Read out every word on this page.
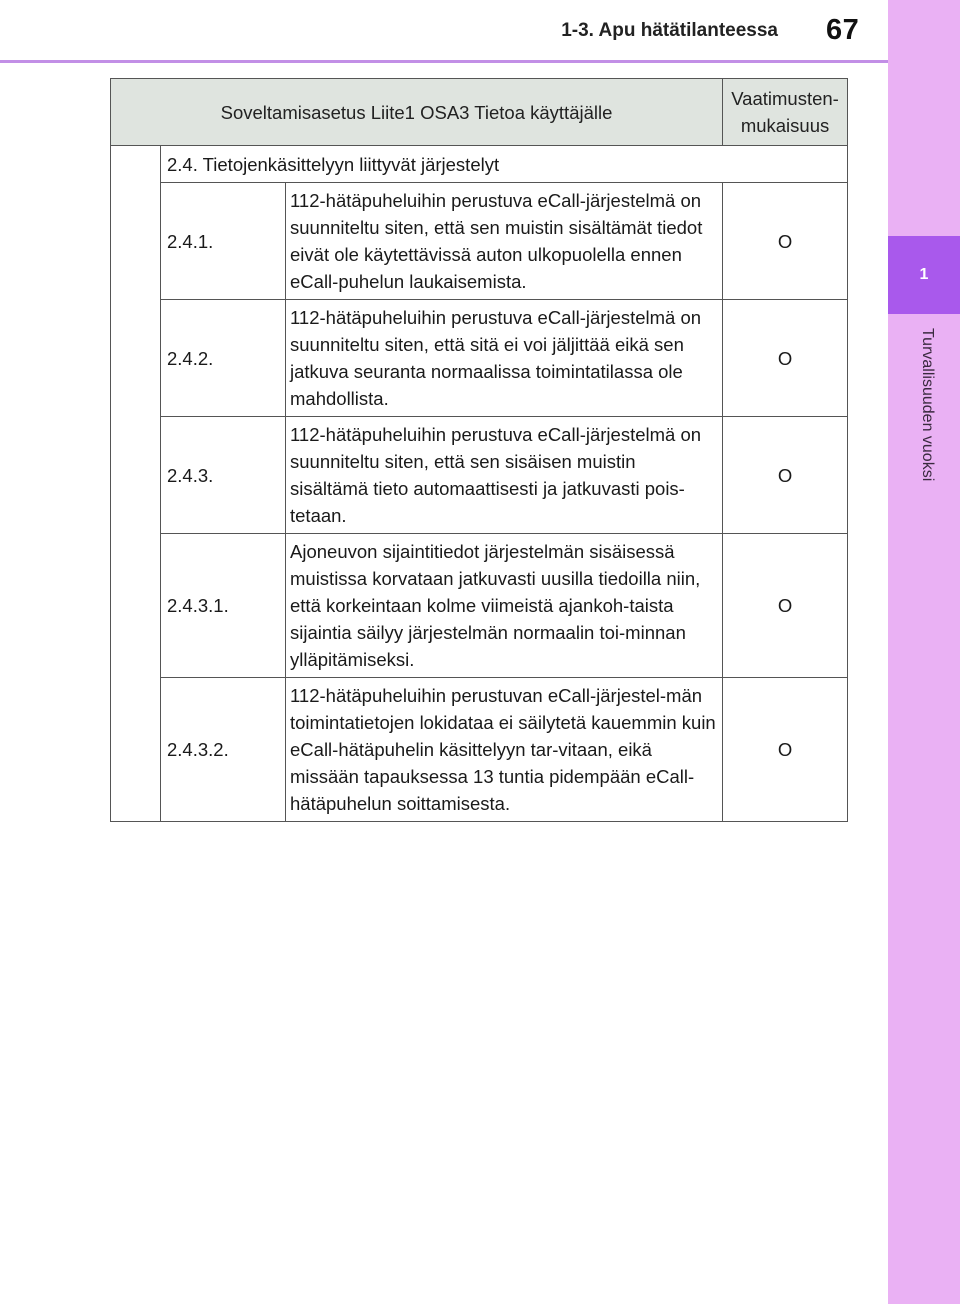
1-3. Apu hätätilanteessa 67
1
Turvallisuuden vuoksi
Soveltamisasetus Liite1 OSA3 Tietoa käyttäjälle			Vaatimusten-mukaisuus
	2.4. Tietojenkäsittelyyn liittyvät järjestelyt		
	2.4.1.	112-hätäpuheluihin perustuva eCall-järjestelmä on suunniteltu siten, että sen muistin sisältämät tiedot eivät ole käytettävissä auton ulkopuolella ennen eCall-puhelun laukaisemista.	O
	2.4.2.	112-hätäpuheluihin perustuva eCall-järjestelmä on suunniteltu siten, että sitä ei voi jäljittää eikä sen jatkuva seuranta normaalissa toimintatilassa ole mahdollista.	O
	2.4.3.	112-hätäpuheluihin perustuva eCall-järjestelmä on suunniteltu siten, että sen sisäisen muistin sisältämä tieto automaattisesti ja jatkuvasti pois-tetaan.	O
	2.4.3.1.	Ajoneuvon sijaintitiedot järjestelmän sisäisessä muistissa korvataan jatkuvasti uusilla tiedoilla niin, että korkeintaan kolme viimeistä ajankoh-taista sijaintia säilyy järjestelmän normaalin toi-minnan ylläpitämiseksi.	O
	2.4.3.2.	112-hätäpuheluihin perustuvan eCall-järjestel-män toimintatietojen lokidataa ei säilytetä kauemmin kuin eCall-hätäpuhelin käsittelyyn tar-vitaan, eikä missään tapauksessa 13 tuntia pidempään eCall-hätäpuhelun soittamisesta.	O
